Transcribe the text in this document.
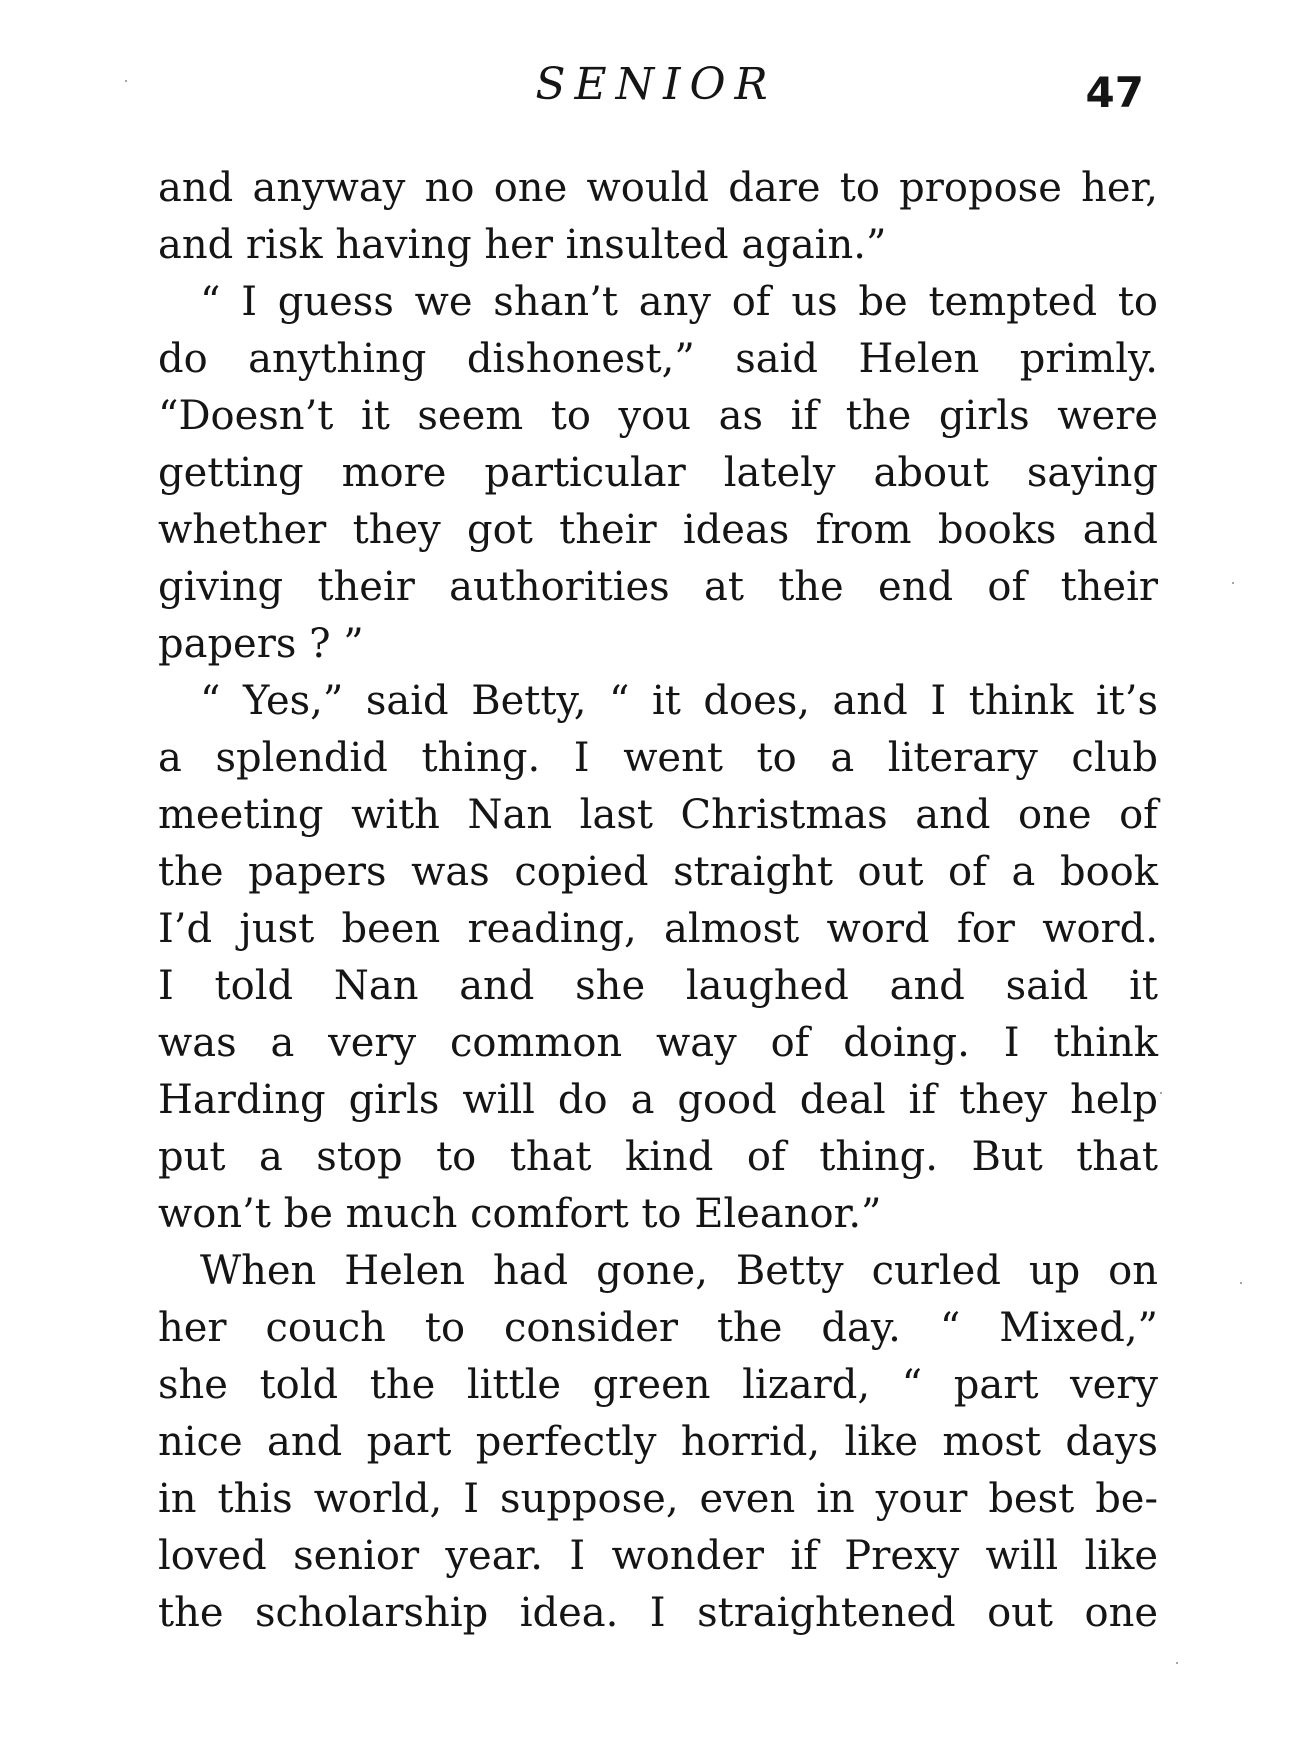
SENIOR	47
and anyway no one would dare to propose her,
and risk having her insulted again.”
“ I guess we shan’t any of us be tempted to
do anything dishonest,” said Helen primly.
“Doesn’t it seem to you as if the girls were
getting more particular lately about saying
whether they got their ideas from books and
giving their authorities at the end of their
papers ? ”
“ Yes,” said Betty, “ it does, and I think it’s
a splendid thing. I went to a literary club
meeting with Nan last Christmas and one of
the papers was copied straight out of a book
I’d just been reading, almost word for word.
I told Nan and she laughed and said it
was a very common way of doing. I think
Harding girls will do a good deal if they help
put a stop to that kind of thing. But that
won’t be much comfort to Eleanor.”
When Helen had gone, Betty curled up on
her couch to consider the day. “ Mixed,”
she told the little green lizard, “ part very
nice and part perfectly horrid, like most days
in this world, I suppose, even in your best be-
loved senior year. I wonder if Prexy will like
the scholarship idea. I straightened out one
